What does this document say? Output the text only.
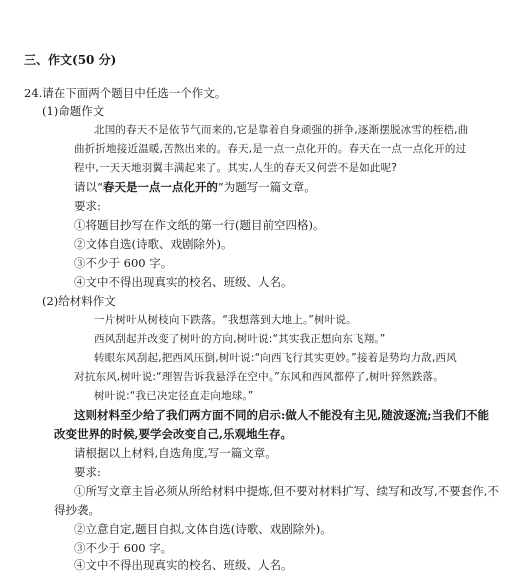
三、作文(50 分)
24.请在下面两个题目中任选一个作文。
(1)命题作文
北国的春天不是依节气而来的,它是靠着自身顽强的拼争,逐渐摆脱冰雪的桎梏,曲
曲折折地接近温暖,苦熬出来的。春天,是一点一点化开的。春天在一点一点化开的过
程中,一天天地羽翼丰满起来了。其实,人生的春天又何尝不是如此呢?
请以“春天是一点一点化开的”为题写一篇文章。
要求:
①将题目抄写在作文纸的第一行(题目前空四格)。
②文体自选(诗歌、戏剧除外)。
③不少于 600 字。
④文中不得出现真实的校名、班级、人名。
(2)给材料作文
一片树叶从树枝向下跌落。“我想落到大地上。”树叶说。
西风刮起并改变了树叶的方向,树叶说:“其实我正想向东飞翔。”
转眼东风刮起,把西风压倒,树叶说:“向西飞行其实更妙。”接着是势均力敌,西风
对抗东风,树叶说:“理智告诉我悬浮在空中。”东风和西风都停了,树叶猝然跌落。
树叶说:“我已决定径直走向地球。”
这则材料至少给了我们两方面不同的启示:做人不能没有主见,随波逐流;当我们不能
改变世界的时候,要学会改变自己,乐观地生存。
请根据以上材料,自选角度,写一篇文章。
要求:
①所写文章主旨必须从所给材料中提炼,但不要对材料扩写、续写和改写,不要套作,不
得抄袭。
②立意自定,题目自拟,文体自选(诗歌、戏剧除外)。
③不少于 600 字。
④文中不得出现真实的校名、班级、人名。
